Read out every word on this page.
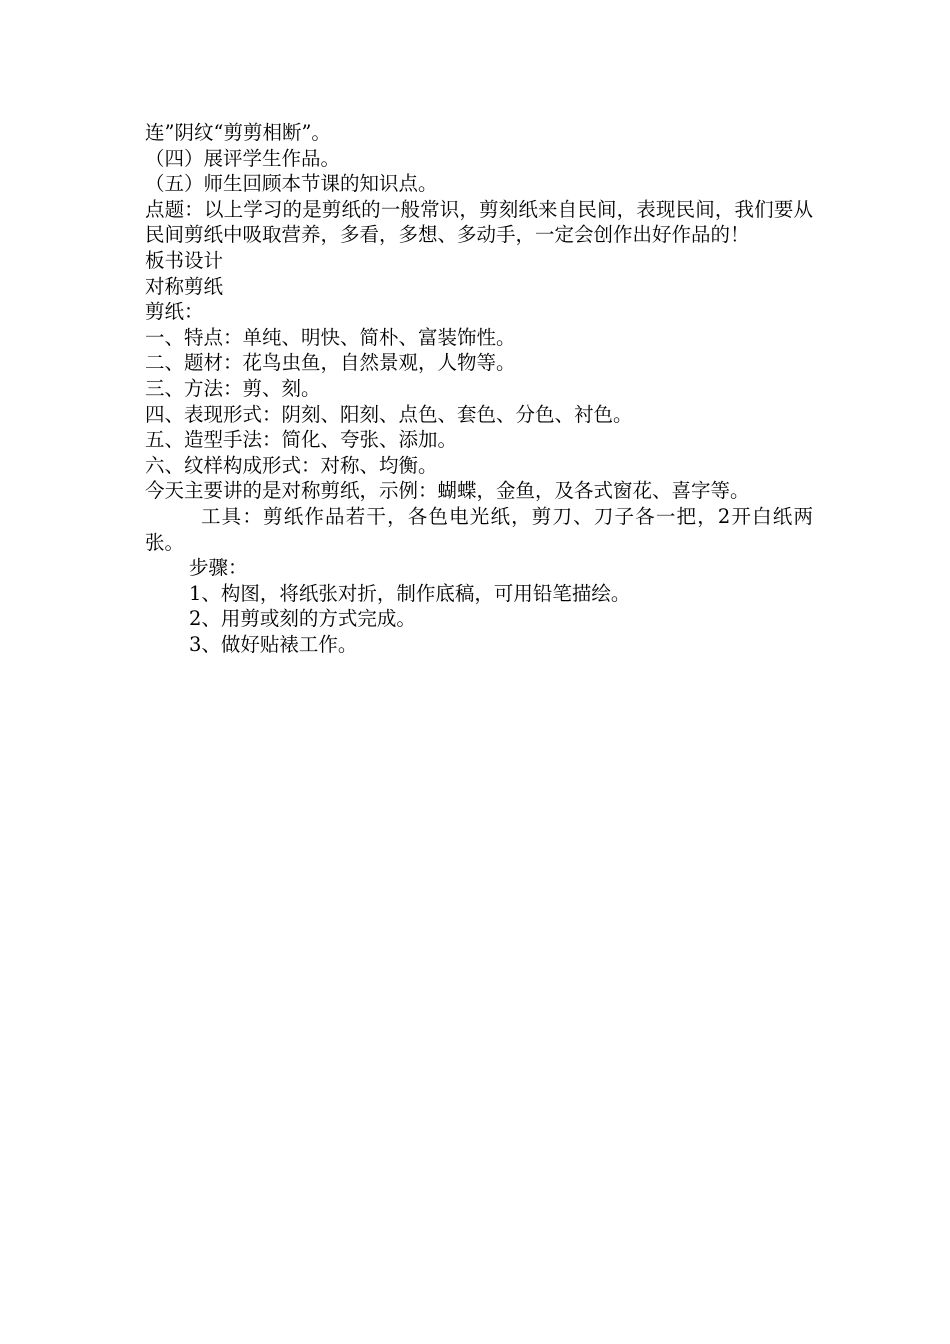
连”阴纹“剪剪相断”。

（四）展评学生作品。

（五）师生回顾本节课的知识点。

点题：以上学习的是剪纸的一般常识，剪刻纸来自民间，表现民间，我们要从民间剪纸中吸取营养，多看，多想、多动手，一定会创作出好作品的！

板书设计

对称剪纸

剪纸：

一、特点：单纯、明快、简朴、富装饰性。

二、题材：花鸟虫鱼，自然景观，人物等。

三、方法：剪、刻。

四、表现形式：阴刻、阳刻、点色、套色、分色、衬色。

五、造型手法：简化、夸张、添加。

六、纹样构成形式：对称、均衡。

今天主要讲的是对称剪纸，示例：蝴蝶，金鱼，及各式窗花、喜字等。

工具：剪纸作品若干，各色电光纸，剪刀、刀子各一把，2开白纸两张。

步骤：

1、构图，将纸张对折，制作底稿，可用铅笔描绘。

2、用剪或刻的方式完成。

3、做好贴裱工作。
